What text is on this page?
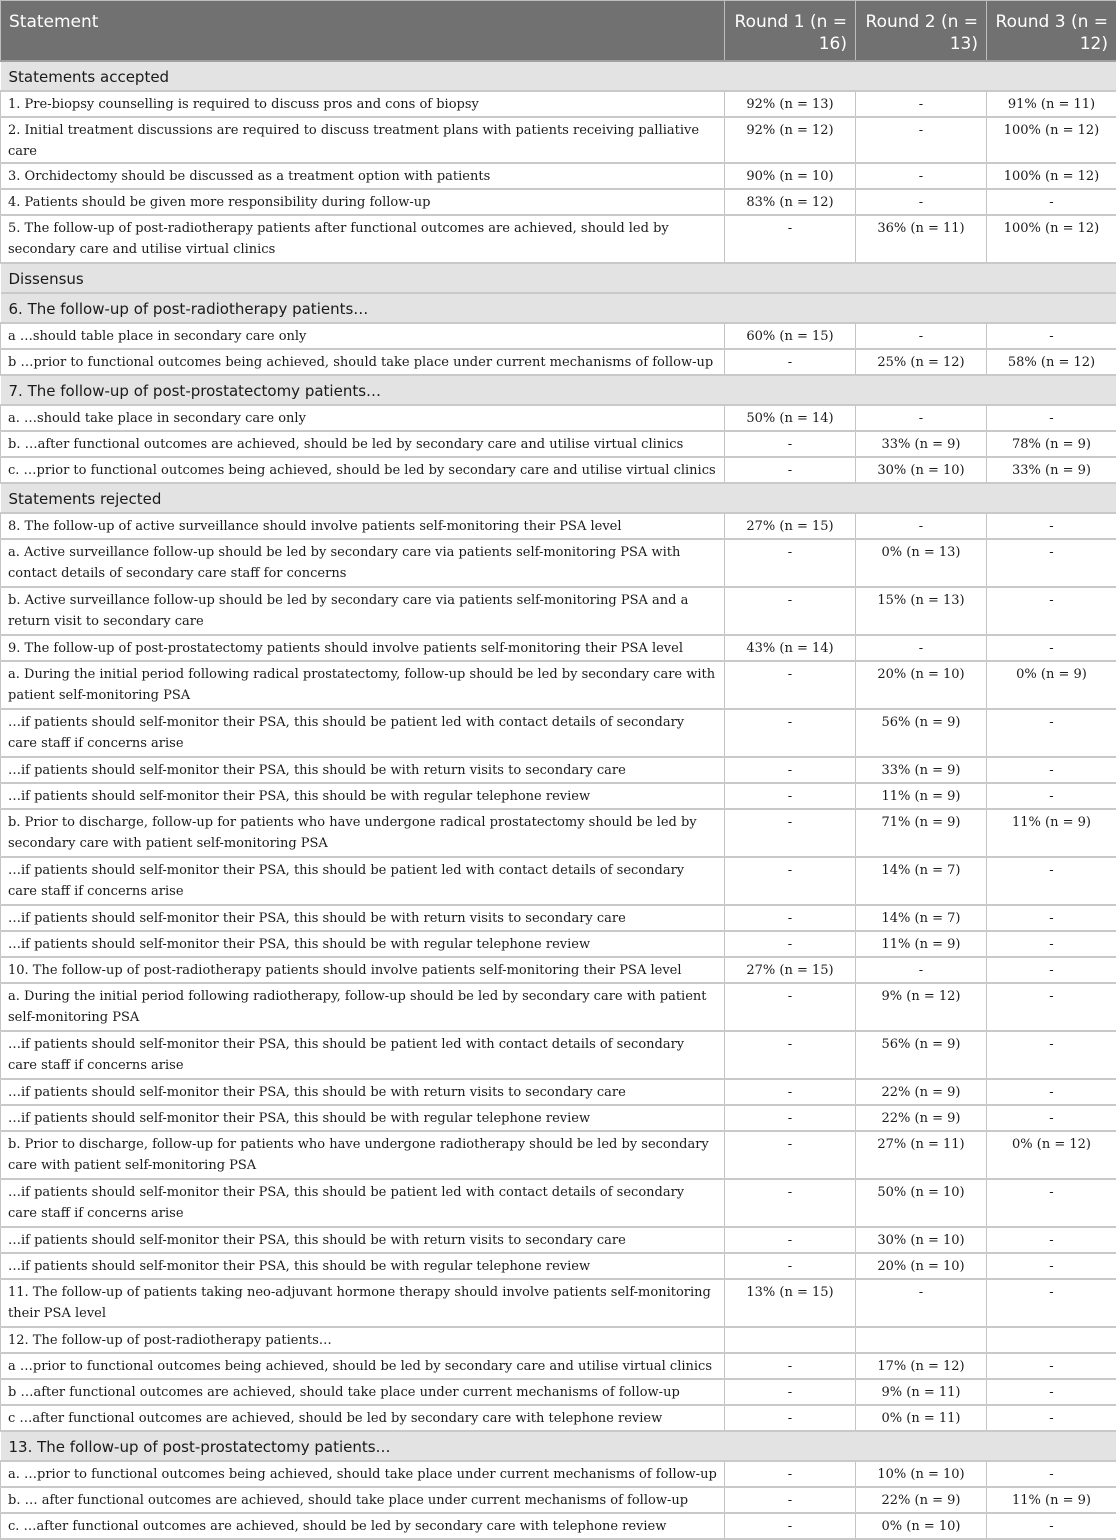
Statement	Round 1 (n = 16)	Round 2 (n = 13)	Round 3 (n = 12)
Statements accepted			
1. Pre-biopsy counselling is required to discuss pros and cons of biopsy	92% (n = 13)	-	91% (n = 11)
2. Initial treatment discussions are required to discuss treatment plans with patients receiving palliative care	92% (n = 12)	-	100% (n = 12)
3. Orchidectomy should be discussed as a treatment option with patients	90% (n = 10)	-	100% (n = 12)
4. Patients should be given more responsibility during follow-up	83% (n = 12)	-	-
5. The follow-up of post-radiotherapy patients after functional outcomes are achieved, should led by secondary care and utilise virtual clinics	-	36% (n = 11)	100% (n = 12)
Dissensus			
6. The follow-up of post-radiotherapy patients…			
a …should table place in secondary care only	60% (n = 15)	-	-
b …prior to functional outcomes being achieved, should take place under current mechanisms of follow-up	-	25% (n = 12)	58% (n = 12)
7. The follow-up of post-prostatectomy patients…			
a. …should take place in secondary care only	50% (n = 14)	-	-
b. …after functional outcomes are achieved, should be led by secondary care and utilise virtual clinics	-	33% (n = 9)	78% (n = 9)
c. …prior to functional outcomes being achieved, should be led by secondary care and utilise virtual clinics	-	30% (n = 10)	33% (n = 9)
Statements rejected			
8. The follow-up of active surveillance should involve patients self-monitoring their PSA level	27% (n = 15)	-	-
a. Active surveillance follow-up should be led by secondary care via patients self-monitoring PSA with contact details of secondary care staff for concerns	-	0% (n = 13)	-
b. Active surveillance follow-up should be led by secondary care via patients self-monitoring PSA and a return visit to secondary care	-	15% (n = 13)	-
9. The follow-up of post-prostatectomy patients should involve patients self-monitoring their PSA level	43% (n = 14)	-	-
a. During the initial period following radical prostatectomy, follow-up should be led by secondary care with patient self-monitoring PSA	-	20% (n = 10)	0% (n = 9)
…if patients should self-monitor their PSA, this should be patient led with contact details of secondary care staff if concerns arise	-	56% (n = 9)	-
…if patients should self-monitor their PSA, this should be with return visits to secondary care	-	33% (n = 9)	-
…if patients should self-monitor their PSA, this should be with regular telephone review	-	11% (n = 9)	-
b. Prior to discharge, follow-up for patients who have undergone radical prostatectomy should be led by secondary care with patient self-monitoring PSA	-	71% (n = 9)	11% (n = 9)
…if patients should self-monitor their PSA, this should be patient led with contact details of secondary care staff if concerns arise	-	14% (n = 7)	-
…if patients should self-monitor their PSA, this should be with return visits to secondary care	-	14% (n = 7)	-
…if patients should self-monitor their PSA, this should be with regular telephone review	-	11% (n = 9)	-
10. The follow-up of post-radiotherapy patients should involve patients self-monitoring their PSA level	27% (n = 15)	-	-
a. During the initial period following radiotherapy, follow-up should be led by secondary care with patient self-monitoring PSA	-	9% (n = 12)	-
…if patients should self-monitor their PSA, this should be patient led with contact details of secondary care staff if concerns arise	-	56% (n = 9)	-
…if patients should self-monitor their PSA, this should be with return visits to secondary care	-	22% (n = 9)	-
…if patients should self-monitor their PSA, this should be with regular telephone review	-	22% (n = 9)	-
b. Prior to discharge, follow-up for patients who have undergone radiotherapy should be led by secondary care with patient self-monitoring PSA	-	27% (n = 11)	0% (n = 12)
…if patients should self-monitor their PSA, this should be patient led with contact details of secondary care staff if concerns arise	-	50% (n = 10)	-
…if patients should self-monitor their PSA, this should be with return visits to secondary care	-	30% (n = 10)	-
…if patients should self-monitor their PSA, this should be with regular telephone review	-	20% (n = 10)	-
11. The follow-up of patients taking neo-adjuvant hormone therapy should involve patients self-monitoring their PSA level	13% (n = 15)	-	-
12. The follow-up of post-radiotherapy patients…			
a …prior to functional outcomes being achieved, should be led by secondary care and utilise virtual clinics	-	17% (n = 12)	-
b …after functional outcomes are achieved, should take place under current mechanisms of follow-up	-	9% (n = 11)	-
c …after functional outcomes are achieved, should be led by secondary care with telephone review	-	0% (n = 11)	-
13. The follow-up of post-prostatectomy patients…			
a. …prior to functional outcomes being achieved, should take place under current mechanisms of follow-up	-	10% (n = 10)	-
b. … after functional outcomes are achieved, should take place under current mechanisms of follow-up	-	22% (n = 9)	11% (n = 9)
c. …after functional outcomes are achieved, should be led by secondary care with telephone review	-	0% (n = 10)	-
